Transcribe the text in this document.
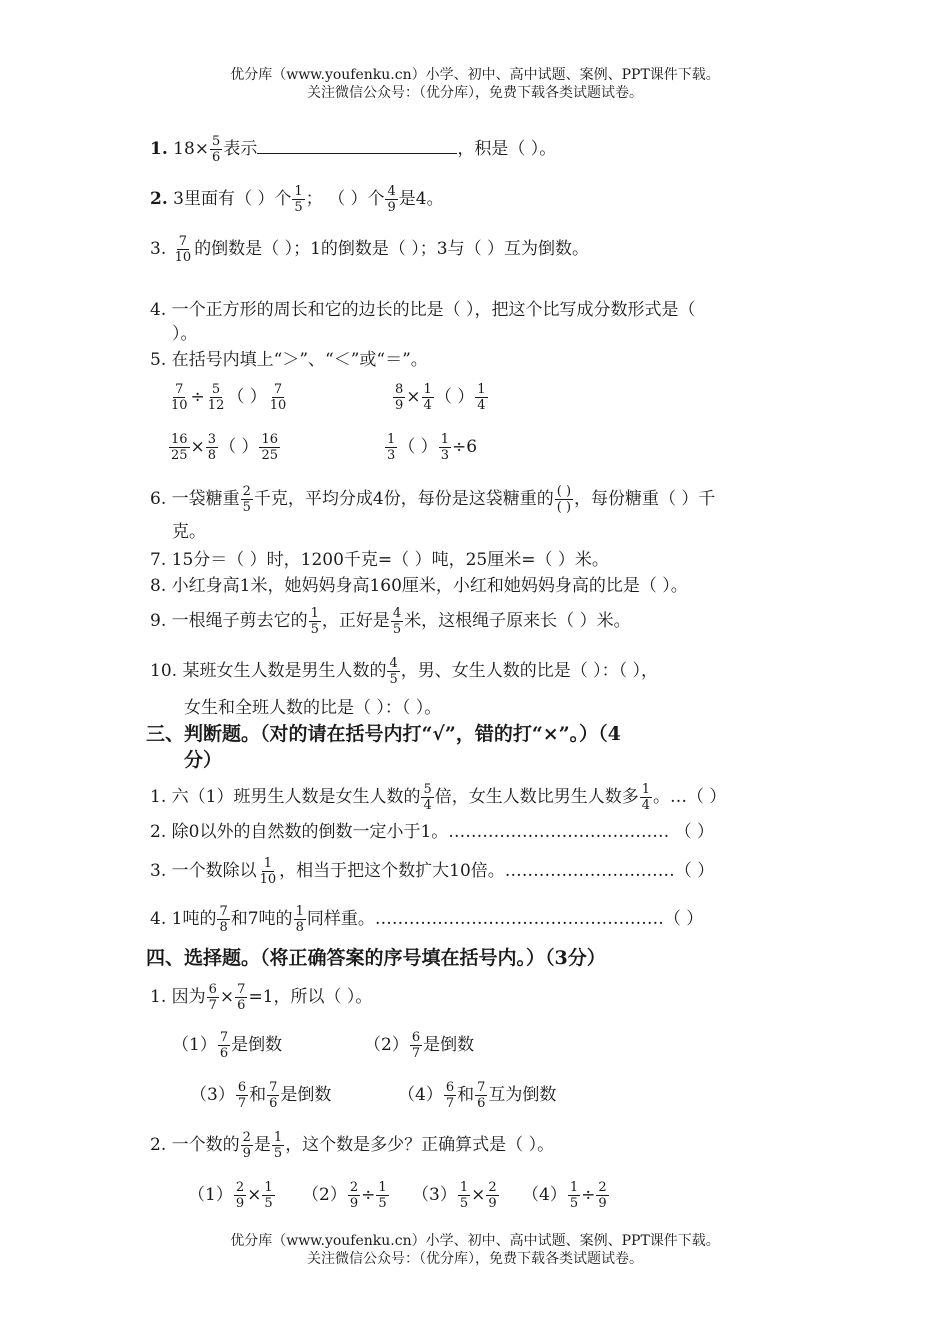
优分库（www.youfenku.cn）小学、初中、高中试题、案例、PPT课件下载。
关注微信公众号：（优分库），免费下载各类试题试卷。
1. $18\times \frac{5}{6}$ 表示	，积是（ ）。
2. 3里面有（ ）个 $\frac{1}{5}$ ； （ ）个 $\frac{4}{9}$ 是4。
3. $\frac{7}{10}$ 的倒数是（ ）；1的倒数是（ ）；3与（ ）互为倒数。
4. 一个正方形的周长和它的边长的比是（ ），把这个比写成分数形式是（
）。
5. 在括号内填上“＞”、“＜”或“＝”。
$\frac{7}{10} \div \frac{5}{12}$ （ ） $\frac{7}{10}$	$\frac{8}{9} \times \frac{1}{4}$ （ ） $\frac{1}{4}$
$\frac{16}{25} \times \frac{3}{8}$ （ ） $\frac{16}{25}$	$\frac{1}{3}$ （ ） $\frac{1}{3} \div 6$
6. 一袋糖重 $\frac{2}{5}$ 千克，平均分成4份，每份是这袋糖重的 $\frac{( )}{( )}$ ，每份糖重（ ）千
克。
7. 15分＝（ ）时，1200千克=（ ）吨，25厘米=（ ）米。
8. 小红身高1米，她妈妈身高160厘米，小红和她妈妈身高的比是（ ）。
9. 一根绳子剪去它的 $\frac{1}{5}$ ，正好是 $\frac{4}{5}$ 米，这根绳子原来长（ ）米。
10. 某班女生人数是男生人数的 $\frac{4}{5}$ ，男、女生人数的比是（ ）：（ ），
女生和全班人数的比是（ ）：（ ）。
三、判断题。（对的请在括号内打“√”，错的打“×”。）（4
分）
1. 六（1）班男生人数是女生人数的 $\frac{5}{4}$ 倍，女生人数比男生人数多 $\frac{1}{4}$ 。…（ ）
2. 除0以外的自然数的倒数一定小于1。………………………………… （ ）
3. 一个数除以 $\frac{1}{10}$ ，相当于把这个数扩大10倍。…………………………（ ）
4. 1吨的 $\frac{7}{8}$ 和7吨的 $\frac{1}{8}$ 同样重。……………………………………………（ ）
四、选择题。（将正确答案的序号填在括号内。）（3分）
1. 因为 $\frac{6}{7} \times \frac{7}{6} =1$，所以（ ）。
$(1) \frac{7}{6}$ 是倒数	$(2) \frac{6}{7}$ 是倒数
$(3) \frac{6}{7}$ 和 $\frac{7}{6}$ 是倒数	$(4) \frac{6}{7}$ 和 $\frac{7}{6}$ 互为倒数
2. 一个数的 $\frac{2}{9}$ 是 $\frac{1}{5}$ ，这个数是多少？正确算式是（ ）。
$(1) \frac{2}{9} \times \frac{1}{5} (2) \frac{2}{9} \div \frac{1}{5} (3) \frac{1}{5} \times \frac{2}{9} (4) \frac{1}{5} \div \frac{2}{9}$
优分库（www.youfenku.cn）小学、初中、高中试题、案例、PPT课件下载。
关注微信公众号：（优分库），免费下载各类试题试卷。
